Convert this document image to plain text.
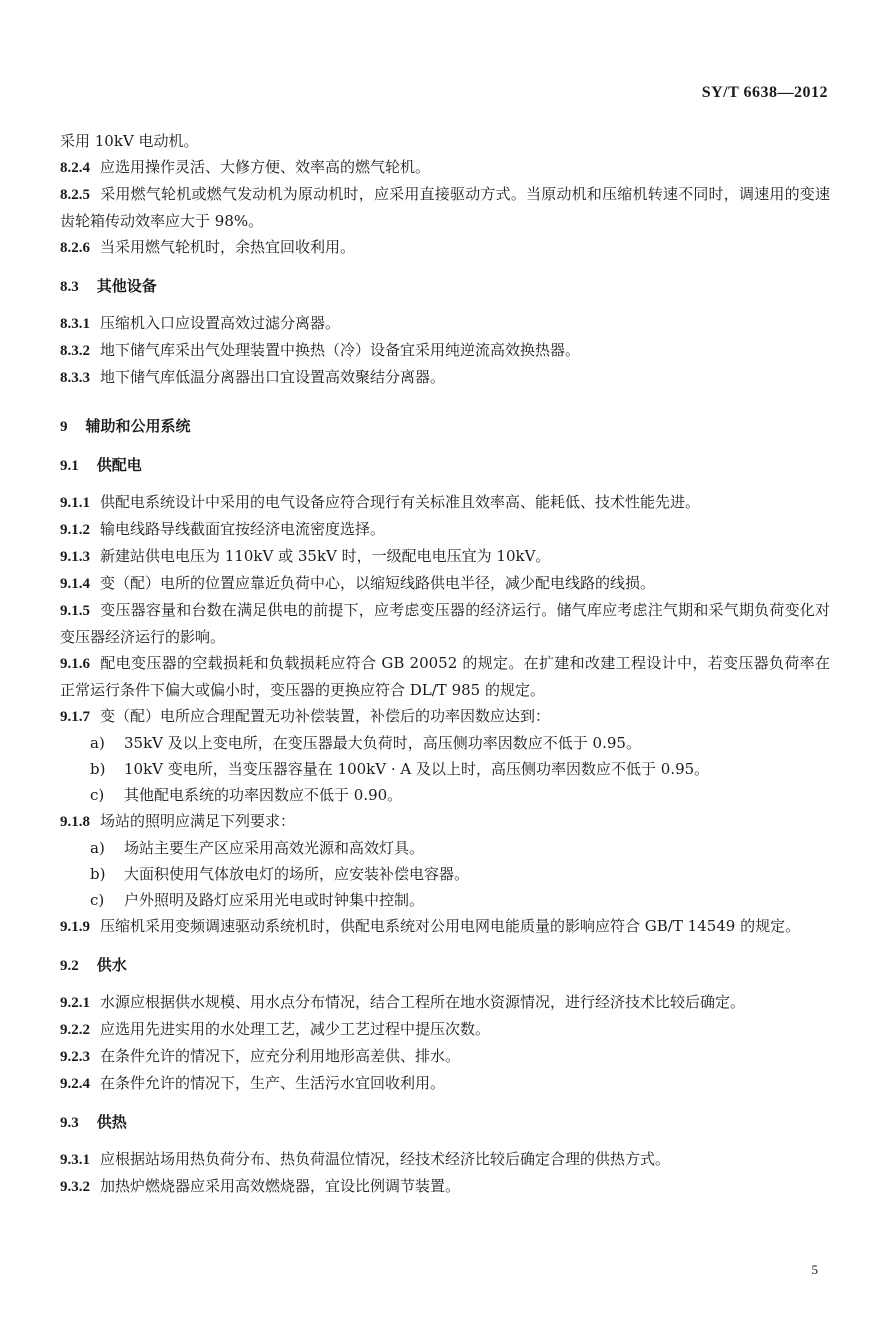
SY/T 6638—2012

采用 10kV 电动机。

8.2.4 应选用操作灵活、大修方便、效率高的燃气轮机。

8.2.5 采用燃气轮机或燃气发动机为原动机时，应采用直接驱动方式。当原动机和压缩机转速不同时，调速用的变速齿轮箱传动效率应大于 98%。

8.2.6 当采用燃气轮机时，余热宜回收利用。

8.3 其他设备

8.3.1 压缩机入口应设置高效过滤分离器。

8.3.2 地下储气库采出气处理装置中换热（冷）设备宜采用纯逆流高效换热器。

8.3.3 地下储气库低温分离器出口宜设置高效聚结分离器。

9 辅助和公用系统

9.1 供配电

9.1.1 供配电系统设计中采用的电气设备应符合现行有关标准且效率高、能耗低、技术性能先进。

9.1.2 输电线路导线截面宜按经济电流密度选择。

9.1.3 新建站供电电压为 110kV 或 35kV 时，一级配电电压宜为 10kV。

9.1.4 变（配）电所的位置应靠近负荷中心，以缩短线路供电半径，减少配电线路的线损。

9.1.5 变压器容量和台数在满足供电的前提下，应考虑变压器的经济运行。储气库应考虑注气期和采气期负荷变化对变压器经济运行的影响。

9.1.6 配电变压器的空载损耗和负载损耗应符合 GB 20052 的规定。在扩建和改建工程设计中，若变压器负荷率在正常运行条件下偏大或偏小时，变压器的更换应符合 DL/T 985 的规定。

9.1.7 变（配）电所应合理配置无功补偿装置，补偿后的功率因数应达到：

a) 35kV 及以上变电所，在变压器最大负荷时，高压侧功率因数应不低于 0.95。

b) 10kV 变电所，当变压器容量在 100kV · A 及以上时，高压侧功率因数应不低于 0.95。

c) 其他配电系统的功率因数应不低于 0.90。

9.1.8 场站的照明应满足下列要求：

a) 场站主要生产区应采用高效光源和高效灯具。

b) 大面积使用气体放电灯的场所，应安装补偿电容器。

c) 户外照明及路灯应采用光电或时钟集中控制。

9.1.9 压缩机采用变频调速驱动系统机时，供配电系统对公用电网电能质量的影响应符合 GB/T 14549 的规定。

9.2 供水

9.2.1 水源应根据供水规模、用水点分布情况，结合工程所在地水资源情况，进行经济技术比较后确定。

9.2.2 应选用先进实用的水处理工艺，减少工艺过程中提压次数。

9.2.3 在条件允许的情况下，应充分利用地形高差供、排水。

9.2.4 在条件允许的情况下，生产、生活污水宜回收利用。

9.3 供热

9.3.1 应根据站场用热负荷分布、热负荷温位情况，经技术经济比较后确定合理的供热方式。

9.3.2 加热炉燃烧器应采用高效燃烧器，宜设比例调节装置。

5
